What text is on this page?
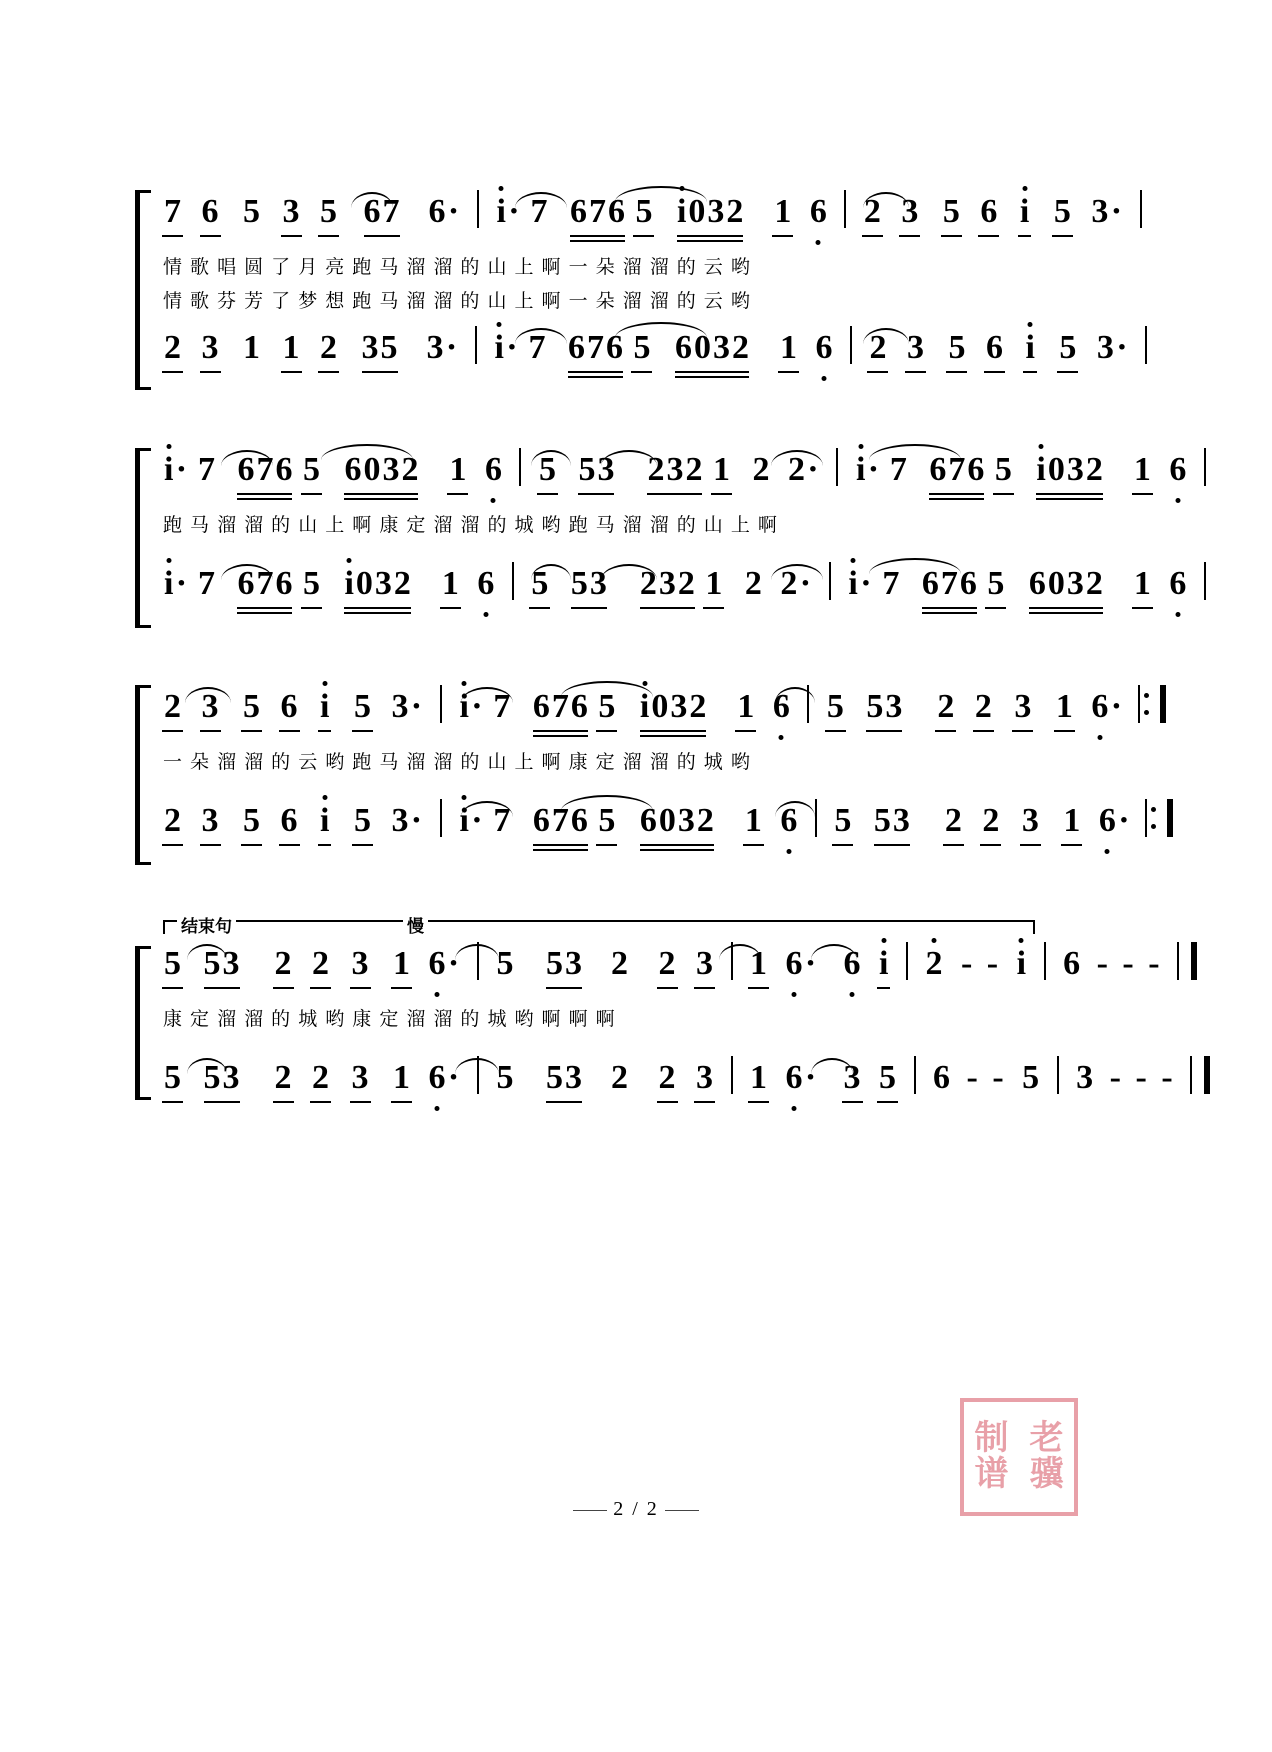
7 6 5 3 5 67 6· i· 7 676 5 i032 1 6 2 3 5 6 i 5 3·
情 歌 唱 圆 了 月 亮 跑 马 溜 溜 的 山 上 啊 一 朵 溜 溜 的 云 哟
情 歌 芬 芳 了 梦 想 跑 马 溜 溜 的 山 上 啊 一 朵 溜 溜 的 云 哟
2 3 1 1 2 35 3· i· 7 676 5 6032 1 6 2 3 5 6 i 5 3·
i· 7 676 5 6032 1 6 5 53 232 1 2 2· i· 7 676 5 i032 1 6
跑 马 溜 溜 的 山 上 啊 康 定 溜 溜 的 城 哟 跑 马 溜 溜 的 山 上 啊
i· 7 676 5 i032 1 6 5 53 232 1 2 2· i· 7 676 5 6032 1 6
2 3 5 6 i 5 3· i· 7 676 5 i032 1 6 5 53 2 2 3 1 6·
一 朵 溜 溜 的 云 哟 跑 马 溜 溜 的 山 上 啊 康 定 溜 溜 的 城 哟
2 3 5 6 i 5 3· i· 7 676 5 6032 1 6 5 53 2 2 3 1 6·
结束句	慢
5 53 2 2 3 1 6· 5 53 2 2 3 1 6· 6 i 2 - - i 6 - - -
康 定 溜 溜 的 城 哟 康 定 溜 溜 的 城 哟 啊 啊 啊
5 53 2 2 3 1 6· 5 53 2 2 3 1 6· 3 5 6 - - 5 3 - - -
2 / 2
制 老
谱 骥
